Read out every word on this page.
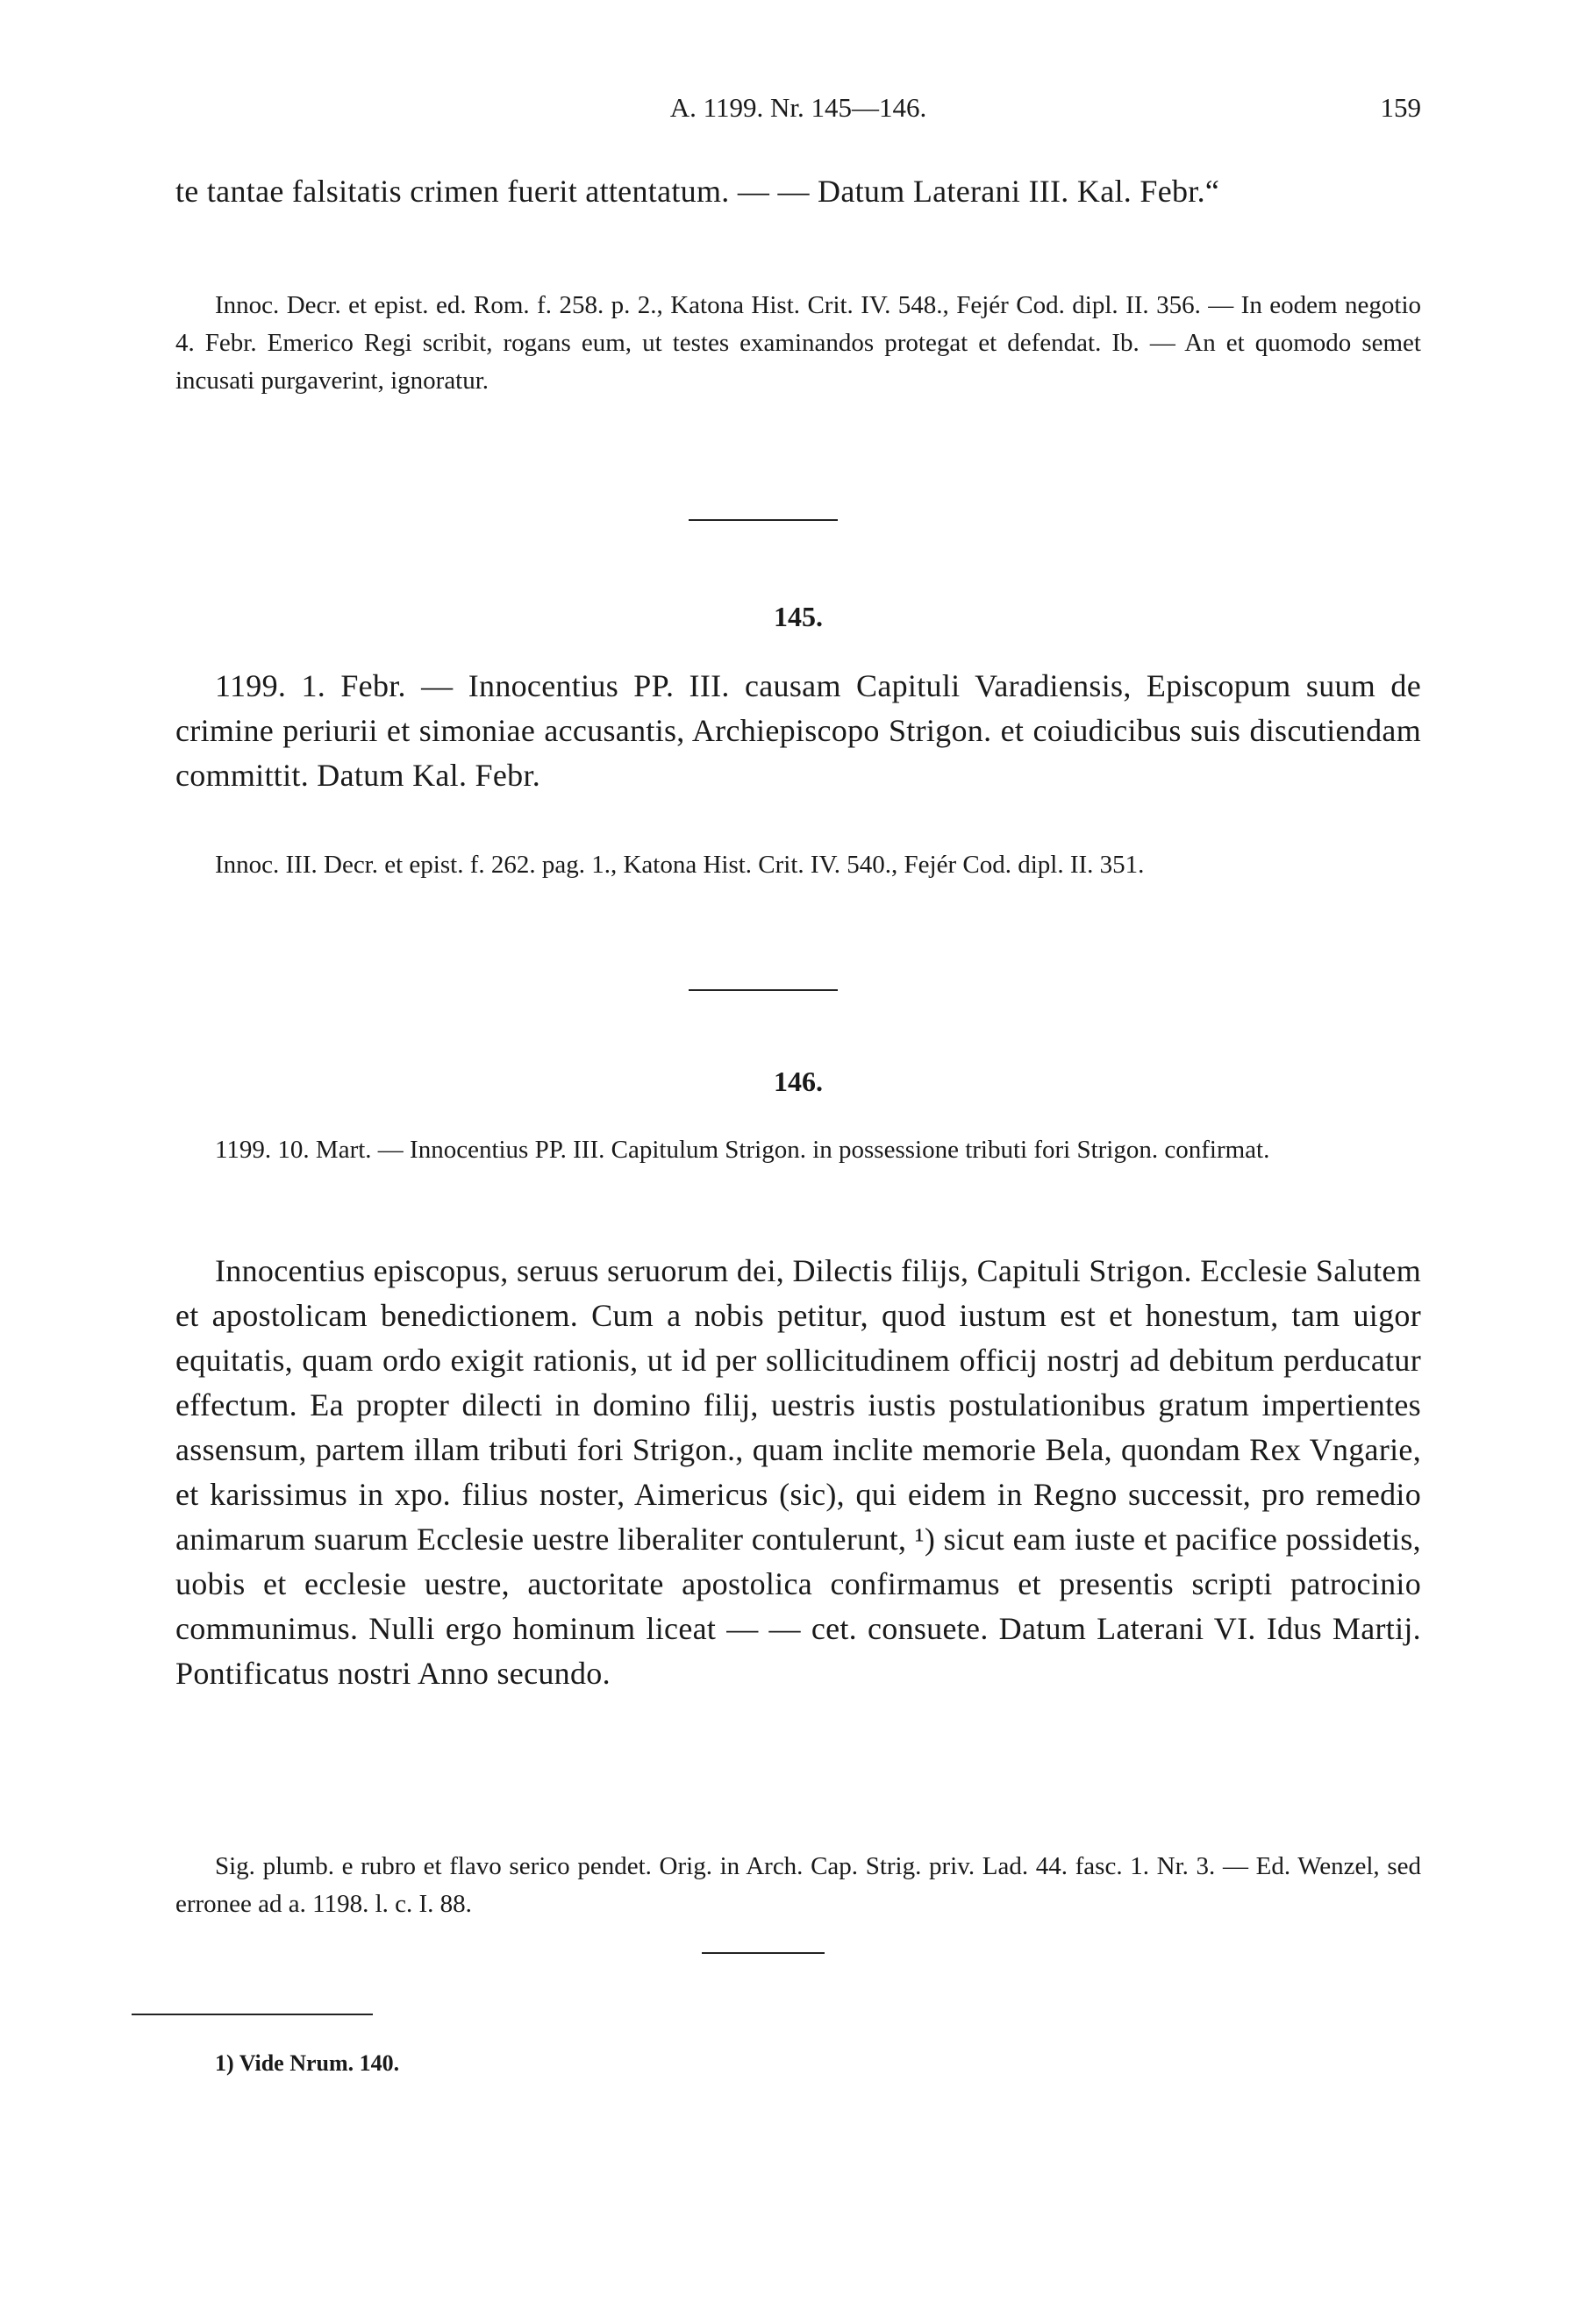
A. 1199. Nr. 145—146.	159
te tantae falsitatis crimen fuerit attentatum. — — Datum Laterani III. Kal. Febr.“
Innoc. Decr. et epist. ed. Rom. f. 258. p. 2., Katona Hist. Crit. IV. 548., Fejér Cod. dipl. II. 356. — In eodem negotio 4. Febr. Emerico Regi scribit, rogans eum, ut testes examinandos protegat et defendat. Ib. — An et quomodo semet incusati purgaverint, ignoratur.
145.
1199. 1. Febr. — Innocentius PP. III. causam Capituli Varadiensis, Episcopum suum de crimine periurii et simoniae accusantis, Archiepiscopo Strigon. et coiudicibus suis discutiendam committit. Datum Kal. Febr.
Innoc. III. Decr. et epist. f. 262. pag. 1., Katona Hist. Crit. IV. 540., Fejér Cod. dipl. II. 351.
146.
1199. 10. Mart. — Innocentius PP. III. Capitulum Strigon. in possessione tributi fori Strigon. confirmat.
Innocentius episcopus, seruus seruorum dei, Dilectis filijs, Capituli Strigon. Ecclesie Salutem et apostolicam benedictionem. Cum a nobis petitur, quod iustum est et honestum, tam uigor equitatis, quam ordo exigit rationis, ut id per sollicitudinem officij nostrj ad debitum perducatur effectum. Ea propter dilecti in domino filij, uestris iustis postulationibus gratum impertientes assensum, partem illam tributi fori Strigon., quam inclite memorie Bela, quondam Rex Vngarie, et karissimus in xpo. filius noster, Aimericus (sic), qui eidem in Regno successit, pro remedio animarum suarum Ecclesie uestre liberaliter contulerunt, ¹) sicut eam iuste et pacifice possidetis, uobis et ecclesie uestre, auctoritate apostolica confirmamus et presentis scripti patrocinio communimus. Nulli ergo hominum liceat — — cet. consuete. Datum Laterani VI. Idus Martij. Pontificatus nostri Anno secundo.
Sig. plumb. e rubro et flavo serico pendet. Orig. in Arch. Cap. Strig. priv. Lad. 44. fasc. 1. Nr. 3. — Ed. Wenzel, sed erronee ad a. 1198. l. c. I. 88.
1) Vide Nrum. 140.
